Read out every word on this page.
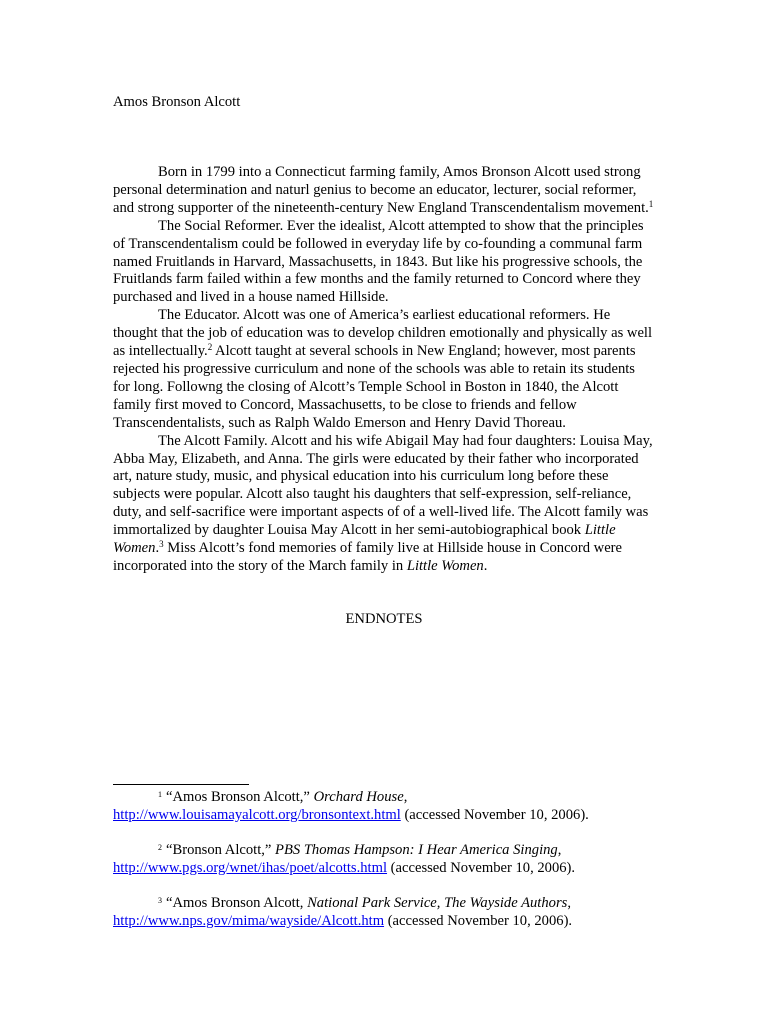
Amos Bronson Alcott

Born in 1799 into a Connecticut farming family, Amos Bronson Alcott used strong personal determination and naturl genius to become an educator, lecturer, social reformer, and strong supporter of the nineteenth-century New England Transcendentalism movement.$^1$

The Social Reformer. Ever the idealist, Alcott attempted to show that the principles of Transcendentalism could be followed in everyday life by co-founding a communal farm named Fruitlands in Harvard, Massachusetts, in 1843. But like his progressive schools, the Fruitlands farm failed within a few months and the family returned to Concord where they purchased and lived in a house named Hillside.

The Educator. Alcott was one of America’s earliest educational reformers. He thought that the job of education was to develop children emotionally and physically as well as intellectually.$^2$ Alcott taught at several schools in New England; however, most parents rejected his progressive curriculum and none of the schools was able to retain its students for long. Followng the closing of Alcott’s Temple School in Boston in 1840, the Alcott family first moved to Concord, Massachusetts, to be close to friends and fellow Transcendentalists, such as Ralph Waldo Emerson and Henry David Thoreau.

The Alcott Family. Alcott and his wife Abigail May had four daughters: Louisa May, Abba May, Elizabeth, and Anna. The girls were educated by their father who incorporated art, nature study, music, and physical education into his curriculum long before these subjects were popular. Alcott also taught his daughters that self-expression, self-reliance, duty, and self-sacrifice were important aspects of of a well-lived life. The Alcott family was immortalized by daughter Louisa May Alcott in her semi-autobiographical book Little Women.$^3$ Miss Alcott’s fond memories of family live at Hillside house in Concord were incorporated into the story of the March family in Little Women.

ENDNOTES
$^1$ “Amos Bronson Alcott,” Orchard House,
http://www.louisamayalcott.org/bronsontext.html (accessed November 10, 2006).
$^2$ “Bronson Alcott,” PBS Thomas Hampson: I Hear America Singing,
http://www.pgs.org/wnet/ihas/poet/alcotts.html (accessed November 10, 2006).
$^3$ “Amos Bronson Alcott, National Park Service, The Wayside Authors,
http://www.nps.gov/mima/wayside/Alcott.htm (accessed November 10, 2006).
